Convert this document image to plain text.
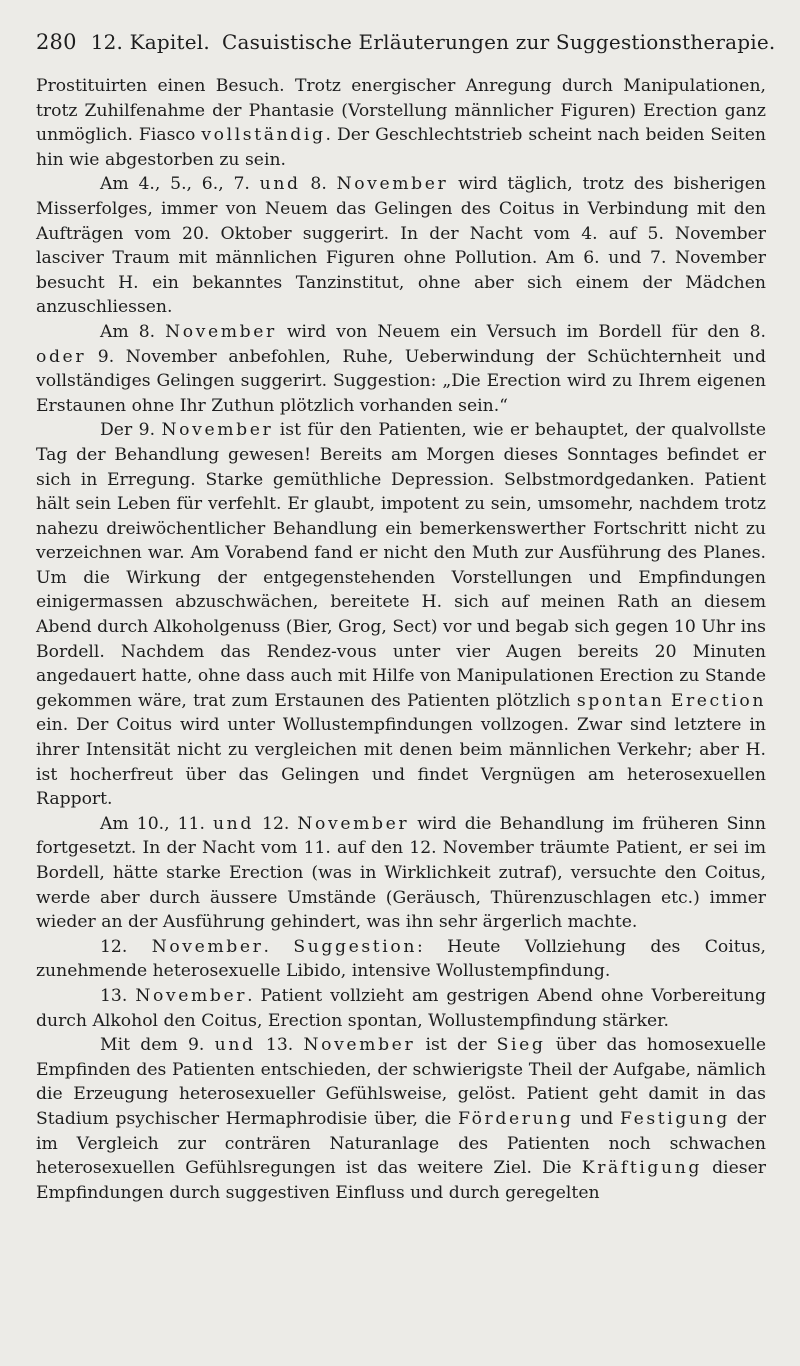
280 12. Kapitel. Casuistische Erläuterungen zur Suggestionstherapie.

Prostituirten einen Besuch. Trotz energischer Anregung durch Manipulationen, trotz Zuhilfenahme der Phantasie (Vorstellung männlicher Figuren) Erection ganz unmöglich. Fiasco vollständig. Der Geschlechtstrieb scheint nach beiden Seiten hin wie abgestorben zu sein.

Am 4., 5., 6., 7. und 8. November wird täglich, trotz des bisherigen Misserfolges, immer von Neuem das Gelingen des Coitus in Verbindung mit den Aufträgen vom 20. Oktober suggerirt. In der Nacht vom 4. auf 5. November lasciver Traum mit männlichen Figuren ohne Pollution. Am 6. und 7. November besucht H. ein bekanntes Tanzinstitut, ohne aber sich einem der Mädchen anzuschliessen.

Am 8. November wird von Neuem ein Versuch im Bordell für den 8. oder 9. November anbefohlen, Ruhe, Ueberwindung der Schüchternheit und vollständiges Gelingen suggerirt. Suggestion: „Die Erection wird zu Ihrem eigenen Erstaunen ohne Ihr Zuthun plötzlich vorhanden sein.“

Der 9. November ist für den Patienten, wie er behauptet, der qualvollste Tag der Behandlung gewesen! Bereits am Morgen dieses Sonntages befindet er sich in Erregung. Starke gemüthliche Depression. Selbstmordgedanken. Patient hält sein Leben für verfehlt. Er glaubt, impotent zu sein, umsomehr, nachdem trotz nahezu dreiwöchentlicher Behandlung ein bemerkenswerther Fortschritt nicht zu verzeichnen war. Am Vorabend fand er nicht den Muth zur Ausführung des Planes. Um die Wirkung der entgegenstehenden Vorstellungen und Empfindungen einigermassen abzuschwächen, bereitete H. sich auf meinen Rath an diesem Abend durch Alkoholgenuss (Bier, Grog, Sect) vor und begab sich gegen 10 Uhr ins Bordell. Nachdem das Rendez-vous unter vier Augen bereits 20 Minuten angedauert hatte, ohne dass auch mit Hilfe von Manipulationen Erection zu Stande gekommen wäre, trat zum Erstaunen des Patienten plötzlich spontan Erection ein. Der Coitus wird unter Wollustempfindungen vollzogen. Zwar sind letztere in ihrer Intensität nicht zu vergleichen mit denen beim männlichen Verkehr; aber H. ist hocherfreut über das Gelingen und findet Vergnügen am heterosexuellen Rapport.

Am 10., 11. und 12. November wird die Behandlung im früheren Sinn fortgesetzt. In der Nacht vom 11. auf den 12. November träumte Patient, er sei im Bordell, hätte starke Erection (was in Wirklichkeit zutraf), versuchte den Coitus, werde aber durch äussere Umstände (Geräusch, Thürenzuschlagen etc.) immer wieder an der Ausführung gehindert, was ihn sehr ärgerlich machte.

12. November. Suggestion: Heute Vollziehung des Coitus, zunehmende heterosexuelle Libido, intensive Wollustempfindung.

13. November. Patient vollzieht am gestrigen Abend ohne Vorbereitung durch Alkohol den Coitus, Erection spontan, Wollustempfindung stärker.

Mit dem 9. und 13. November ist der Sieg über das homosexuelle Empfinden des Patienten entschieden, der schwierigste Theil der Aufgabe, nämlich die Erzeugung heterosexueller Gefühlsweise, gelöst. Patient geht damit in das Stadium psychischer Hermaphrodisie über, die Förderung und Festigung der im Vergleich zur conträren Naturanlage des Patienten noch schwachen heterosexuellen Gefühlsregungen ist das weitere Ziel. Die Kräftigung dieser Empfindungen durch suggestiven Einfluss und durch geregelten
